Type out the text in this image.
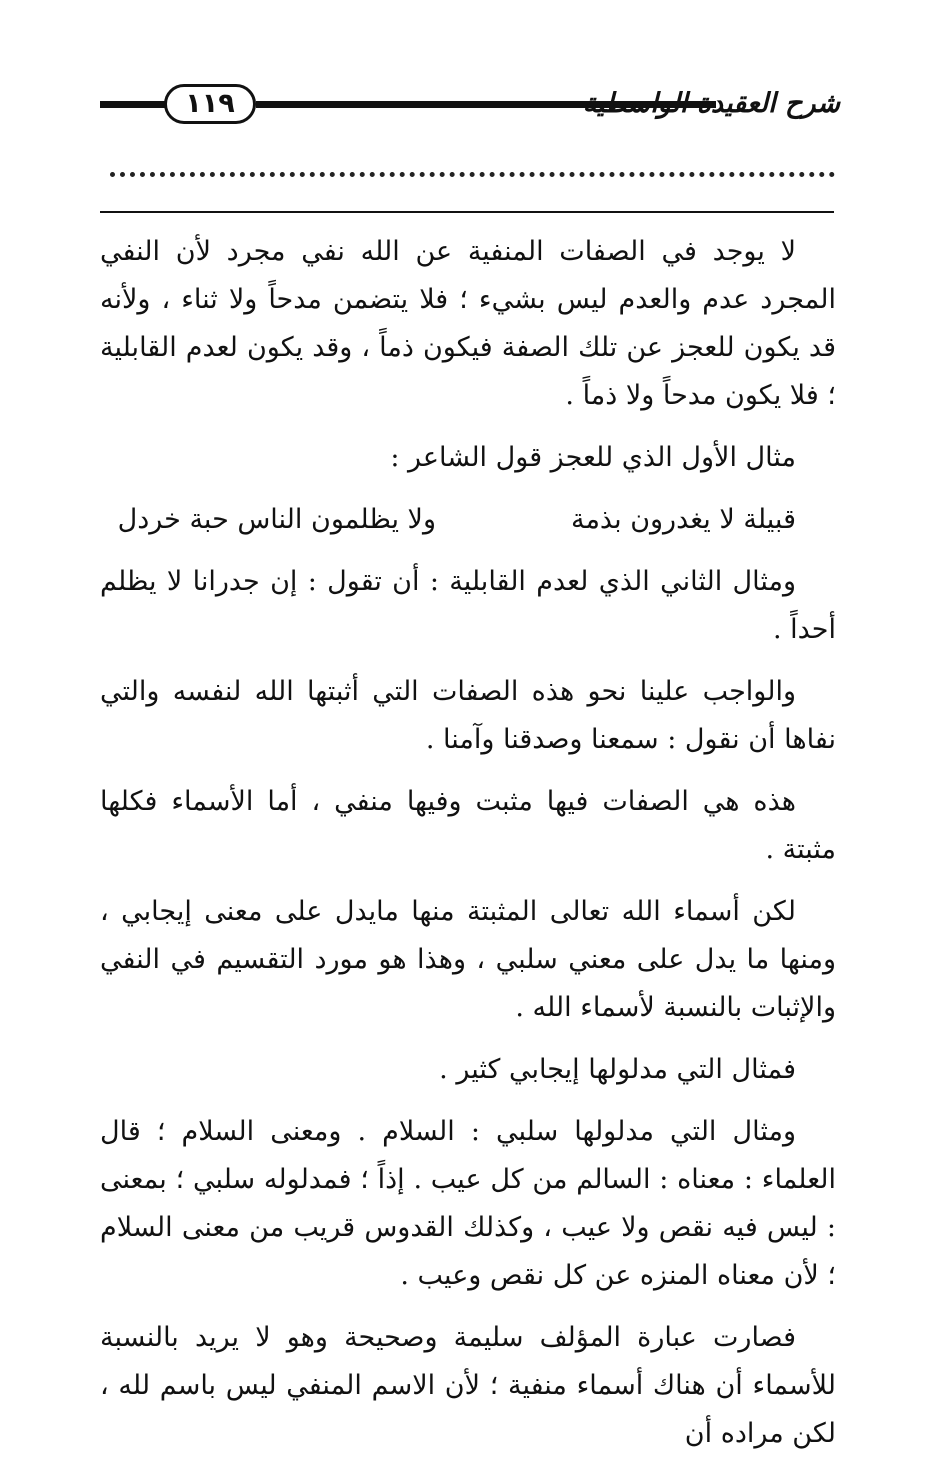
١١٩	شرح العقيدة الواسطية

لا يوجد في الصفات المنفية عن الله نفي مجرد لأن النفي المجرد عدم والعدم ليس بشيء ؛ فلا يتضمن مدحاً ولا ثناء ، ولأنه قد يكون للعجز عن تلك الصفة فيكون ذماً ، وقد يكون لعدم القابلية ؛ فلا يكون مدحاً ولا ذماً .

مثال الأول الذي للعجز قول الشاعر :

قبيلة لا يغدرون بذمة
ولا يظلمون الناس حبة خردل

ومثال الثاني الذي لعدم القابلية : أن تقول : إن جدرانا لا يظلم أحداً .

والواجب علينا نحو هذه الصفات التي أثبتها الله لنفسه والتي نفاها أن نقول : سمعنا وصدقنا وآمنا .

هذه هي الصفات فيها مثبت وفيها منفي ، أما الأسماء فكلها مثبتة .

لكن أسماء الله تعالى المثبتة منها مايدل على معنى إيجابي ، ومنها ما يدل على معني سلبي ، وهذا هو مورد التقسيم في النفي والإثبات بالنسبة لأسماء الله .

فمثال التي مدلولها إيجابي كثير .

ومثال التي مدلولها سلبي : السلام . ومعنى السلام ؛ قال العلماء : معناه : السالم من كل عيب . إذاً ؛ فمدلوله سلبي ؛ بمعنى : ليس فيه نقص ولا عيب ، وكذلك القدوس قريب من معنى السلام ؛ لأن معناه المنزه عن كل نقص وعيب .

فصارت عبارة المؤلف سليمة وصحيحة وهو لا يريد بالنسبة للأسماء أن هناك أسماء منفية ؛ لأن الاسم المنفي ليس باسم لله ، لكن مراده أن
